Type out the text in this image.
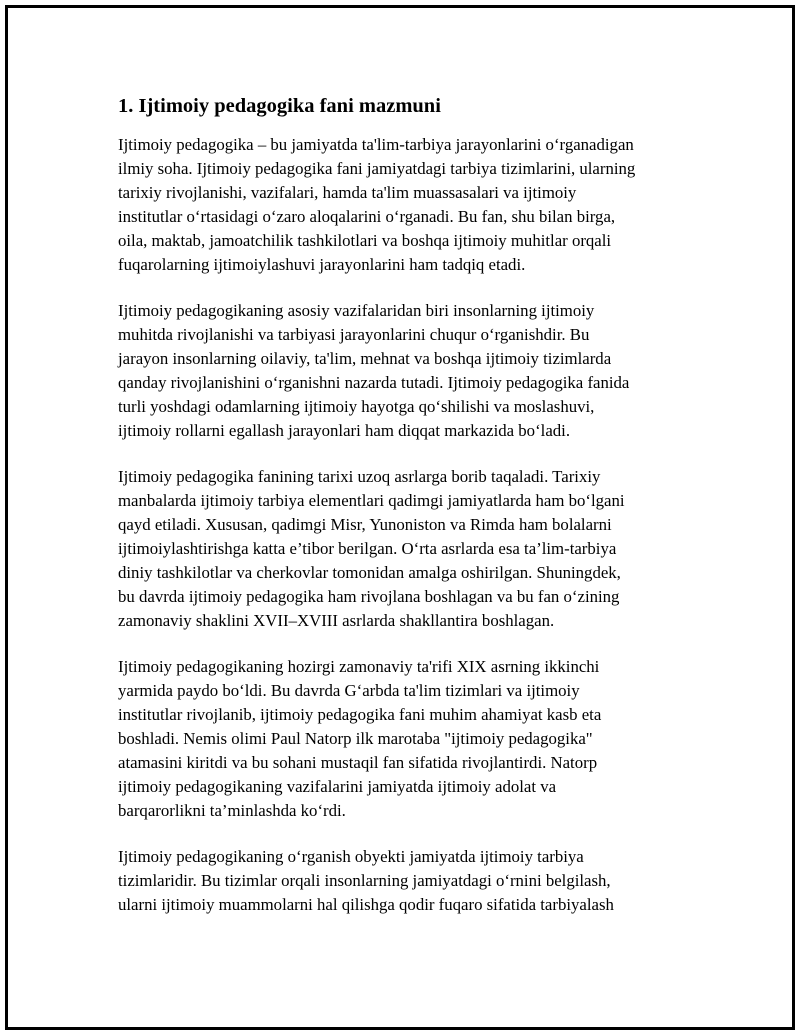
1. Ijtimoiy pedagogika fani mazmuni

Ijtimoiy pedagogika – bu jamiyatda ta'lim-tarbiya jarayonlarini o‘rganadigan
ilmiy soha. Ijtimoiy pedagogika fani jamiyatdagi tarbiya tizimlarini, ularning
tarixiy rivojlanishi, vazifalari, hamda ta'lim muassasalari va ijtimoiy
institutlar o‘rtasidagi o‘zaro aloqalarini o‘rganadi. Bu fan, shu bilan birga,
oila, maktab, jamoatchilik tashkilotlari va boshqa ijtimoiy muhitlar orqali
fuqarolarning ijtimoiylashuvi jarayonlarini ham tadqiq etadi.

Ijtimoiy pedagogikaning asosiy vazifalaridan biri insonlarning ijtimoiy
muhitda rivojlanishi va tarbiyasi jarayonlarini chuqur o‘rganishdir. Bu
jarayon insonlarning oilaviy, ta'lim, mehnat va boshqa ijtimoiy tizimlarda
qanday rivojlanishini o‘rganishni nazarda tutadi. Ijtimoiy pedagogika fanida
turli yoshdagi odamlarning ijtimoiy hayotga qo‘shilishi va moslashuvi,
ijtimoiy rollarni egallash jarayonlari ham diqqat markazida bo‘ladi.

Ijtimoiy pedagogika fanining tarixi uzoq asrlarga borib taqaladi. Tarixiy
manbalarda ijtimoiy tarbiya elementlari qadimgi jamiyatlarda ham bo‘lgani
qayd etiladi. Xususan, qadimgi Misr, Yunoniston va Rimda ham bolalarni
ijtimoiylashtirishga katta e’tibor berilgan. O‘rta asrlarda esa ta’lim-tarbiya
diniy tashkilotlar va cherkovlar tomonidan amalga oshirilgan. Shuningdek,
bu davrda ijtimoiy pedagogika ham rivojlana boshlagan va bu fan o‘zining
zamonaviy shaklini XVII–XVIII asrlarda shakllantira boshlagan.

Ijtimoiy pedagogikaning hozirgi zamonaviy ta'rifi XIX asrning ikkinchi
yarmida paydo bo‘ldi. Bu davrda G‘arbda ta'lim tizimlari va ijtimoiy
institutlar rivojlanib, ijtimoiy pedagogika fani muhim ahamiyat kasb eta
boshladi. Nemis olimi Paul Natorp ilk marotaba "ijtimoiy pedagogika"
atamasini kiritdi va bu sohani mustaqil fan sifatida rivojlantirdi. Natorp
ijtimoiy pedagogikaning vazifalarini jamiyatda ijtimoiy adolat va
barqarorlikni ta’minlashda ko‘rdi.

Ijtimoiy pedagogikaning o‘rganish obyekti jamiyatda ijtimoiy tarbiya
tizimlaridir. Bu tizimlar orqali insonlarning jamiyatdagi o‘rnini belgilash,
ularni ijtimoiy muammolarni hal qilishga qodir fuqaro sifatida tarbiyalash
